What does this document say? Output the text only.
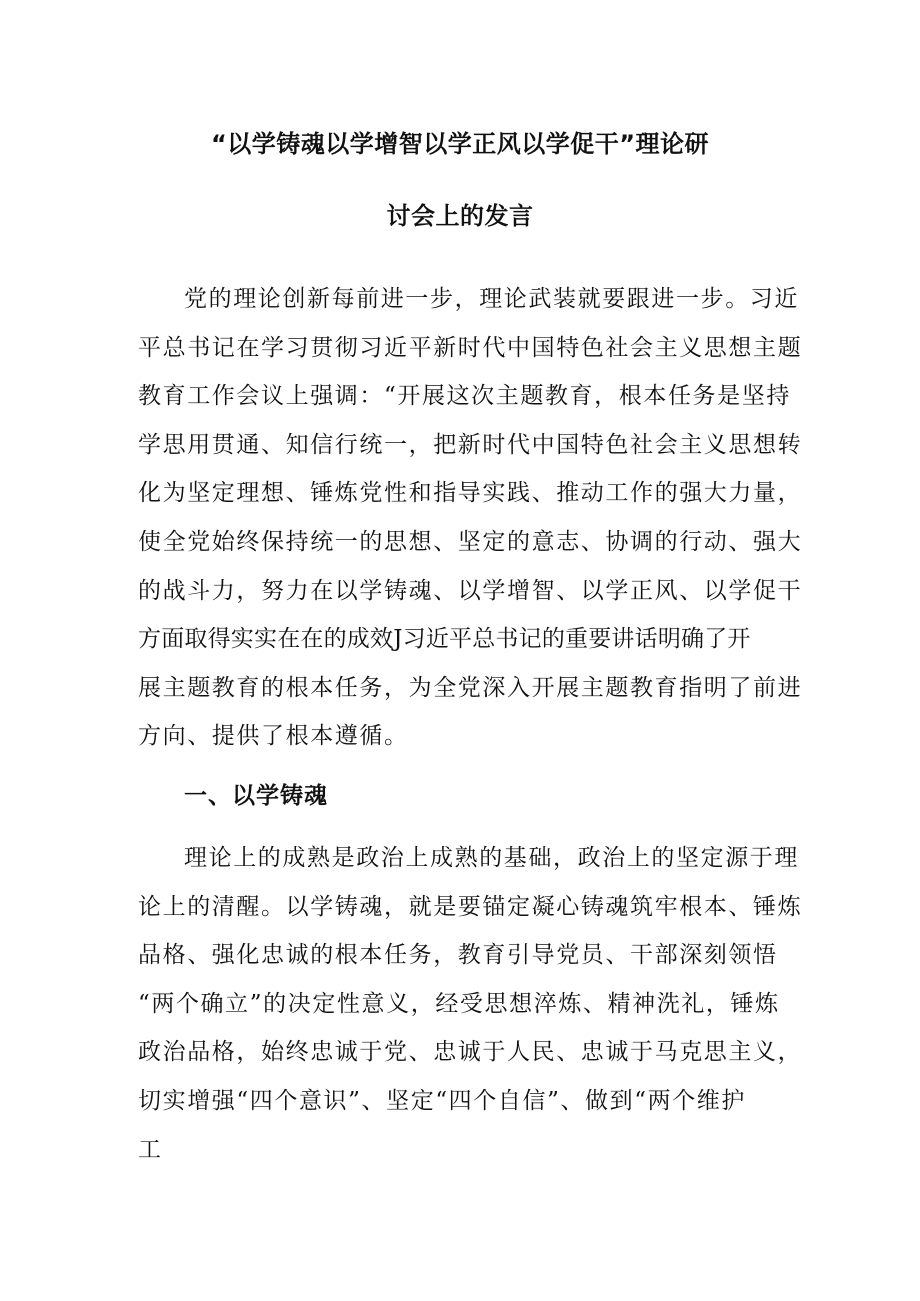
“以学铸魂以学增智以学正风以学促干”理论研
讨会上的发言
党的理论创新每前进一步，理论武装就要跟进一步。习近
平总书记在学习贯彻习近平新时代中国特色社会主义思想主题
教育工作会议上强调：“开展这次主题教育，根本任务是坚持
学思用贯通、知信行统一，把新时代中国特色社会主义思想转
化为坚定理想、锤炼党性和指导实践、推动工作的强大力量，
使全党始终保持统一的思想、坚定的意志、协调的行动、强大
的战斗力，努力在以学铸魂、以学增智、以学正风、以学促干
方面取得实实在在的成效J习近平总书记的重要讲话明确了开
展主题教育的根本任务，为全党深入开展主题教育指明了前进
方向、提供了根本遵循。
一、以学铸魂
理论上的成熟是政治上成熟的基础，政治上的坚定源于理
论上的清醒。以学铸魂，就是要锚定凝心铸魂筑牢根本、锤炼
品格、强化忠诚的根本任务，教育引导党员、干部深刻领悟
“两个确立”的决定性意义，经受思想淬炼、精神洗礼，锤炼
政治品格，始终忠诚于党、忠诚于人民、忠诚于马克思主义，
切实增强“四个意识”、坚定“四个自信”、做到“两个维护
工
